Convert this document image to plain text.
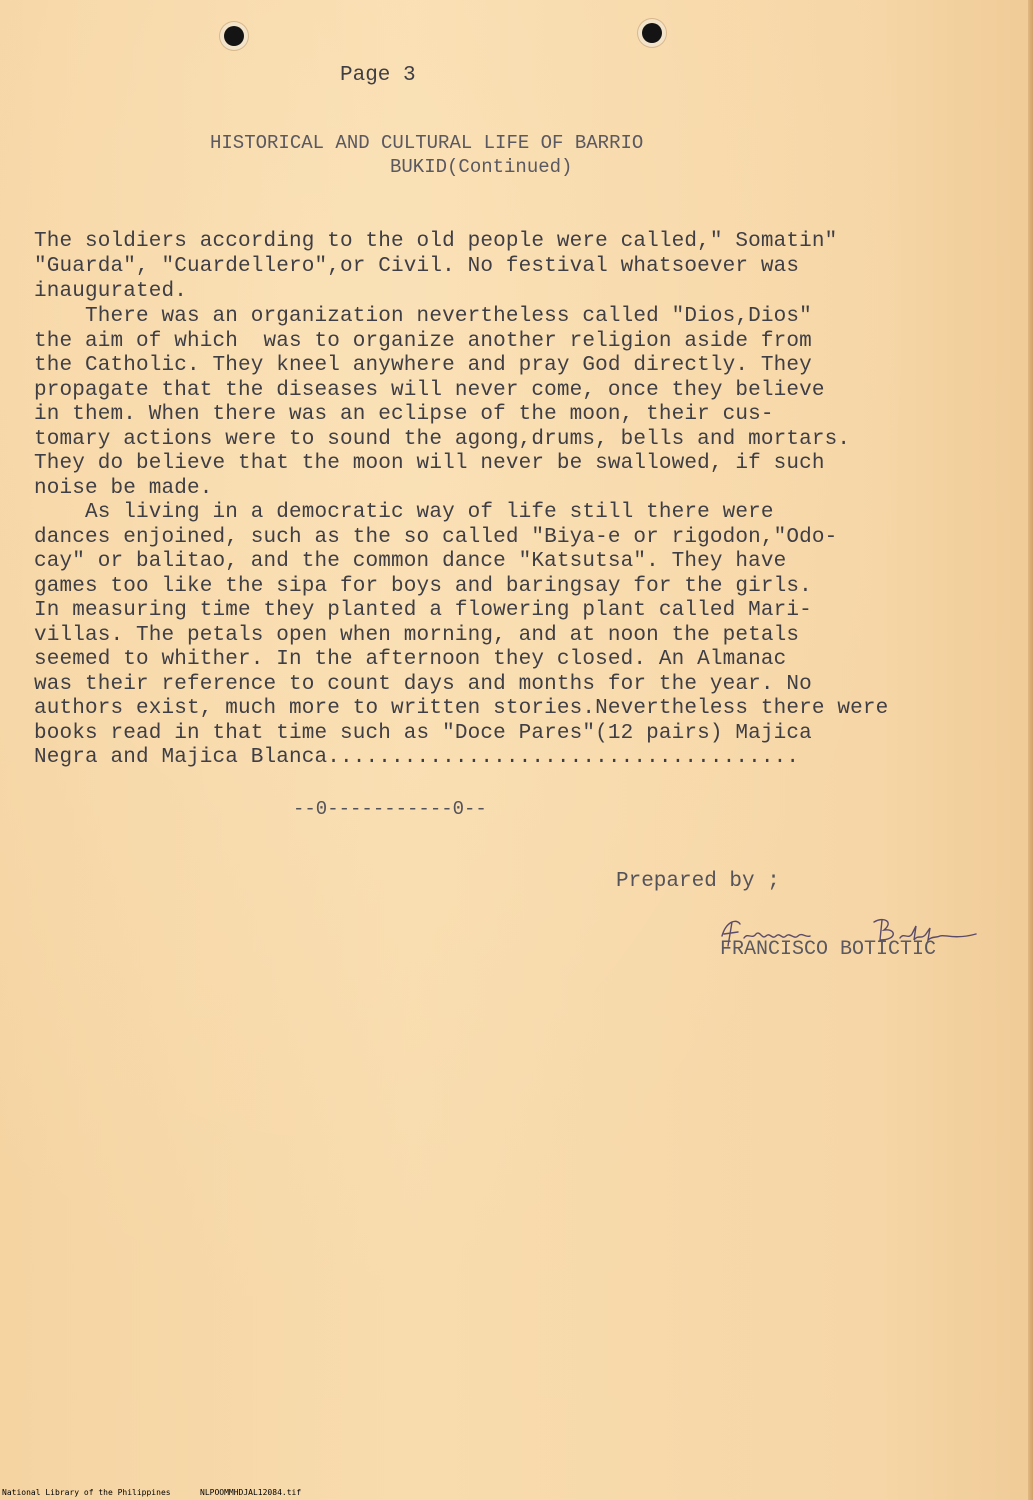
Page 3
HISTORICAL AND CULTURAL LIFE OF BARRIO
BUKID(Continued)
The soldiers according to the old people were called," Somatin"
"Guarda", "Cuardellero",or Civil. No festival whatsoever was
inaugurated.
There was an organization nevertheless called "Dios,Dios"
the aim of which  was to organize another religion aside from
the Catholic. They kneel anywhere and pray God directly. They
propagate that the diseases will never come, once they believe
in them. When there was an eclipse of the moon, their cus-
tomary actions were to sound the agong,drums, bells and mortars.
They do believe that the moon will never be swallowed, if such
noise be made.
As living in a democratic way of life still there were
dances enjoined, such as the so called "Biya-e or rigodon,"Odo-
cay" or balitao, and the common dance "Katsutsa". They have
games too like the sipa for boys and baringsay for the girls.
In measuring time they planted a flowering plant called Mari-
villas. The petals open when morning, and at noon the petals
seemed to whither. In the afternoon they closed. An Almanac
was their reference to count days and months for the year. No
authors exist, much more to written stories.Nevertheless there were
books read in that time such as "Doce Pares"(12 pairs) Majica
Negra and Majica Blanca.....................................
--0-----------0--
Prepared by ;
FRANCISCO BOTICTIC
National Library of the Philippines	NLPOOMMHDJAL12084.tif
